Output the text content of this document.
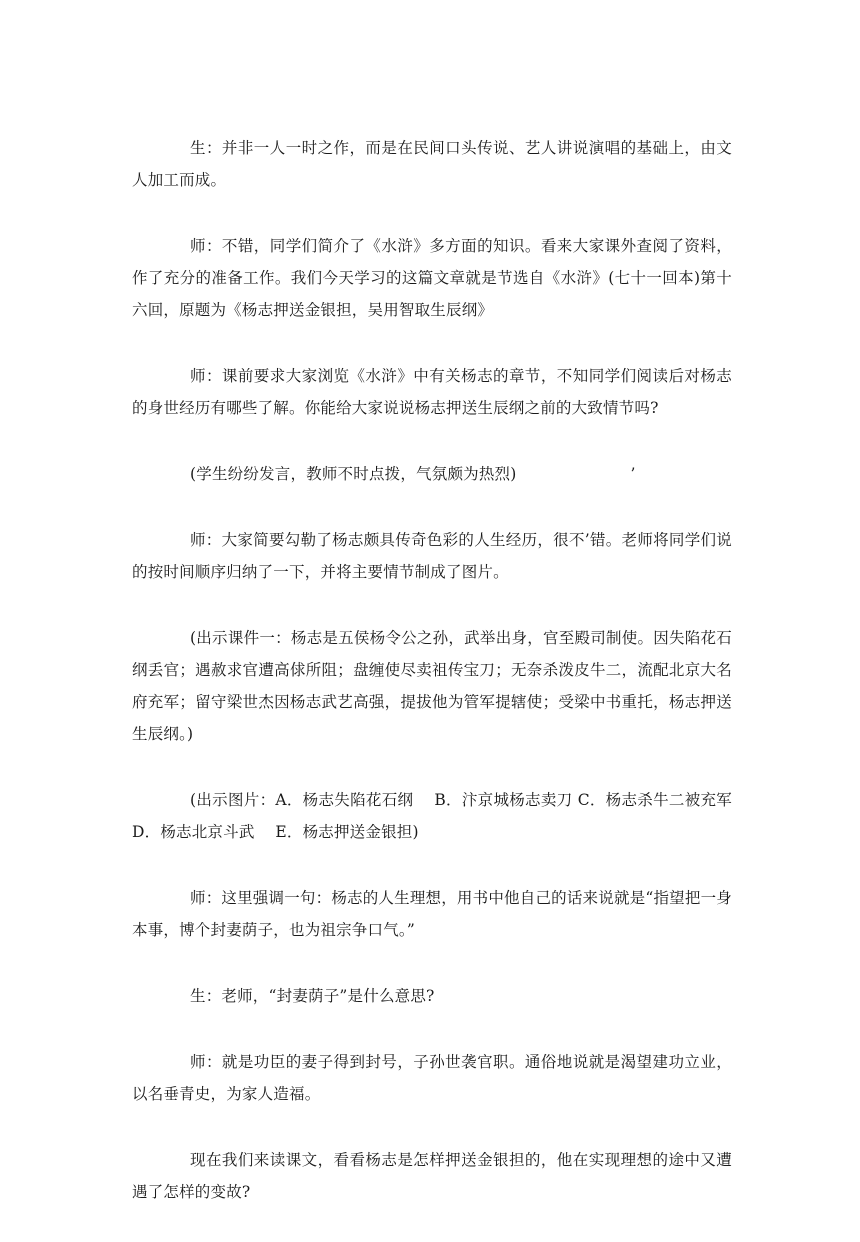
生：并非一人一时之作，而是在民间口头传说、艺人讲说演唱的基础上，由文人加工而成。

师：不错，同学们简介了《水浒》多方面的知识。看来大家课外查阅了资料，作了充分的准备工作。我们今天学习的这篇文章就是节选自《水浒》(七十一回本)第十六回，原题为《杨志押送金银担，吴用智取生辰纲》

师：课前要求大家浏览《水浒》中有关杨志的章节，不知同学们阅读后对杨志的身世经历有哪些了解。你能给大家说说杨志押送生辰纲之前的大致情节吗?

(学生纷纷发言，教师不时点拨，气氛颇为热烈)	’

师：大家简要勾勒了杨志颇具传奇色彩的人生经历，很不’错。老师将同学们说的按时间顺序归纳了一下，并将主要情节制成了图片。

(出示课件一：杨志是五侯杨令公之孙，武举出身，官至殿司制使。因失陷花石纲丢官；遇赦求官遭高俅所阻；盘缠使尽卖祖传宝刀；无奈杀泼皮牛二，流配北京大名府充军；留守梁世杰因杨志武艺高强，提拔他为管军提辖使；受梁中书重托，杨志押送生辰纲。)

(出示图片：A．杨志失陷花石纲　 B．汴京城杨志卖刀 C．杨志杀牛二被充军　 D．杨志北京斗武　 E．杨志押送金银担)

师：这里强调一句：杨志的人生理想，用书中他自己的话来说就是“指望把一身本事，博个封妻荫子，也为祖宗争口气。”

生：老师，“封妻荫子”是什么意思?

师：就是功臣的妻子得到封号，子孙世袭官职。通俗地说就是渴望建功立业，以名垂青史，为家人造福。

现在我们来读课文，看看杨志是怎样押送金银担的，他在实现理想的途中又遭遇了怎样的变故?
